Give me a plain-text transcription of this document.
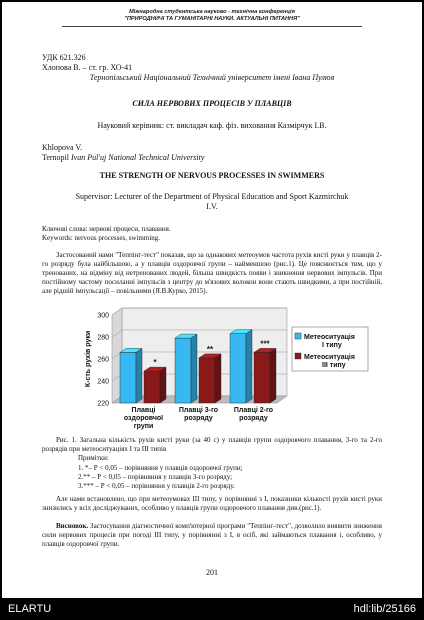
Міжнародна студентська науково - технічна конференція
"ПРИРОДНИЧІ ТА ГУМАНІТАРНІ НАУКИ. АКТУАЛЬНІ ПИТАННЯ"

УДК 621.326

Хлопова В. – ст. гр. ХО-41

Тернопільський Національний Технічний університет імені Івана Пулюя

СИЛА НЕРВОВИХ ПРОЦЕСІВ У ПЛАВЦІВ

Науковий керівник: ст. викладач каф. фіз. виховання Казмірчук І.В.

Khlopova V.

Ternopil Ivan Pul'uj National Technical University

THE STRENGTH OF NERVOUS PROCESSES IN SWIMMERS

Supervisor: Lecturer of the Department of Physical Education and Sport Kazmirchuk I.V.

Ключові слова: нервові процеси, плавання.

Keywords: nervous processes, swimming.

Застосований нами "Теппінг-тест" показав, що за однакових метеоумов частота рухів кисті руки у плавців 2-го розряду була найбільшою, а у плавців оздоровчої групи – найменшою (рис.1). Це пояснюється тим, що у тренованих, на відміну від нетренованих людей, більша швидкість появи і зникнення нервових імпульсів. При постійному частому посиланні імпульсів з центру до м'язових волокон вони стають швидкими, а при постійній, але рідшій імпульсації – повільними (Я.В.Курко, 2015).

220
240
260
280
300
К-сть рухів руки	*
**
***
Плавці оздоровчої групи
Плавці 3-го розряду
Плавці 2-го розряду
Метеоситуація І типу
Метеоситуація ІІІ типу

Рис. 1. Загальна кількість рухів кисті руки (за 40 с) у плавців групи оздоровчого плавання, 3-го та 2-го розрядів при метеоситуаціях І та ІІІ типів

Примітки:

1. *– Р < 0,05 – порівняння у плавців оздоровчої групи;

2.** – Р < 0,05 – порівняння у плавців 3-го розряду;

3.*** – Р < 0,05 – порівняння у плавців 2-го розряду.

Але нами встановлено, що при метеоумовах ІІІ типу, у порівнянні з І, показники кількості рухів кисті руки знизились у всіх досліджуваних, особливо у плавців групи оздоровчого плавання див.(рис.1).

Висновок. Застосування діагностичної комп'ютерної програми "Теппінг-тест", дозволило виявити зниження сили нервових процесів при погоді ІІІ типу, у порівнянні з І, в осіб, які займаються плавання і, особливо, у плавців оздоровчої групи.

201

ELARTU	hdl:lib/25166
